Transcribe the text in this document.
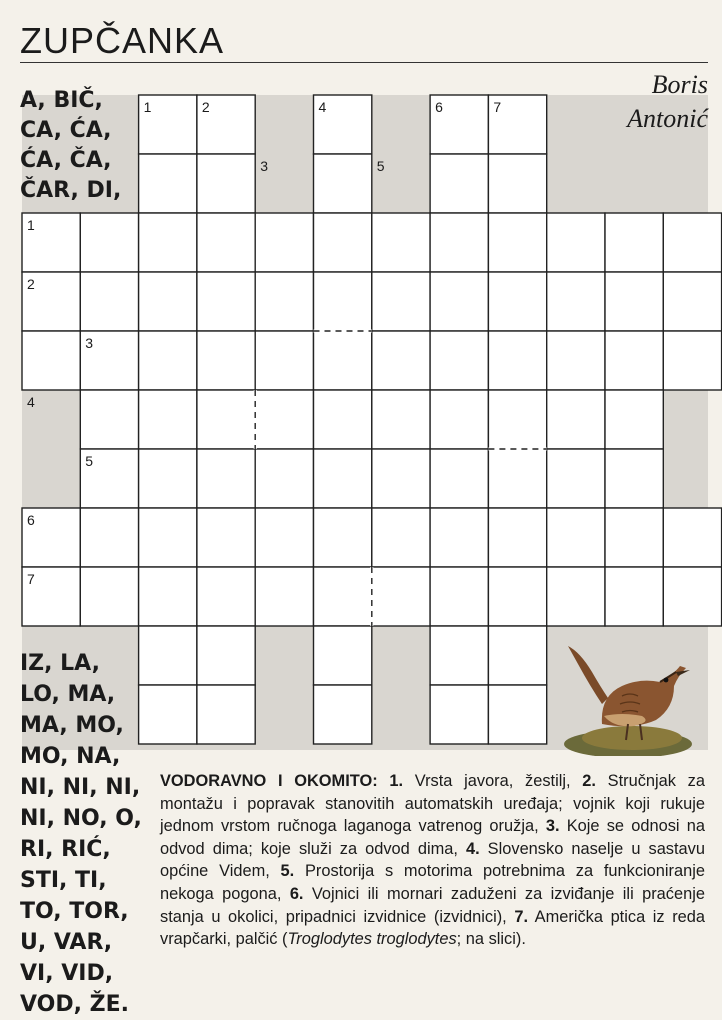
ZUPČANKA
1	2
3
4
5
6	7
1
2
3
4
5
6
7
Boris
Antonić
A, BIČ,
CA, ĆA,
ĆA, ČA,
ČAR, DI,
IZ, LA,
LO, MA,
MA, MO,
MO, NA,
NI, NI, NI,
NI, NO, O,
RI, RIĆ,
STI, TI,
TO, TOR,
U, VAR,
VI, VID,
VOD, ŽE.
VODORAVNO I OKOMITO: 1. Vrsta javora, žestilj, 2. Stručnjak za montažu i popravak stanovitih automatskih uređaja; vojnik koji rukuje jednom vrstom ručnoga laganoga vatrenog oružja, 3. Koje se odnosi na odvod dima; koje služi za odvod dima, 4. Slovensko naselje u sastavu općine Videm, 5. Prostorija s motorima potrebnima za funkcioniranje nekoga pogona, 6. Vojnici ili mornari zaduženi za izviđanje ili praćenje stanja u okolici, pripadnici izvidnice (izvidnici), 7. Američka ptica iz reda vrapčarki, palčić (Troglodytes troglodytes; na slici).
